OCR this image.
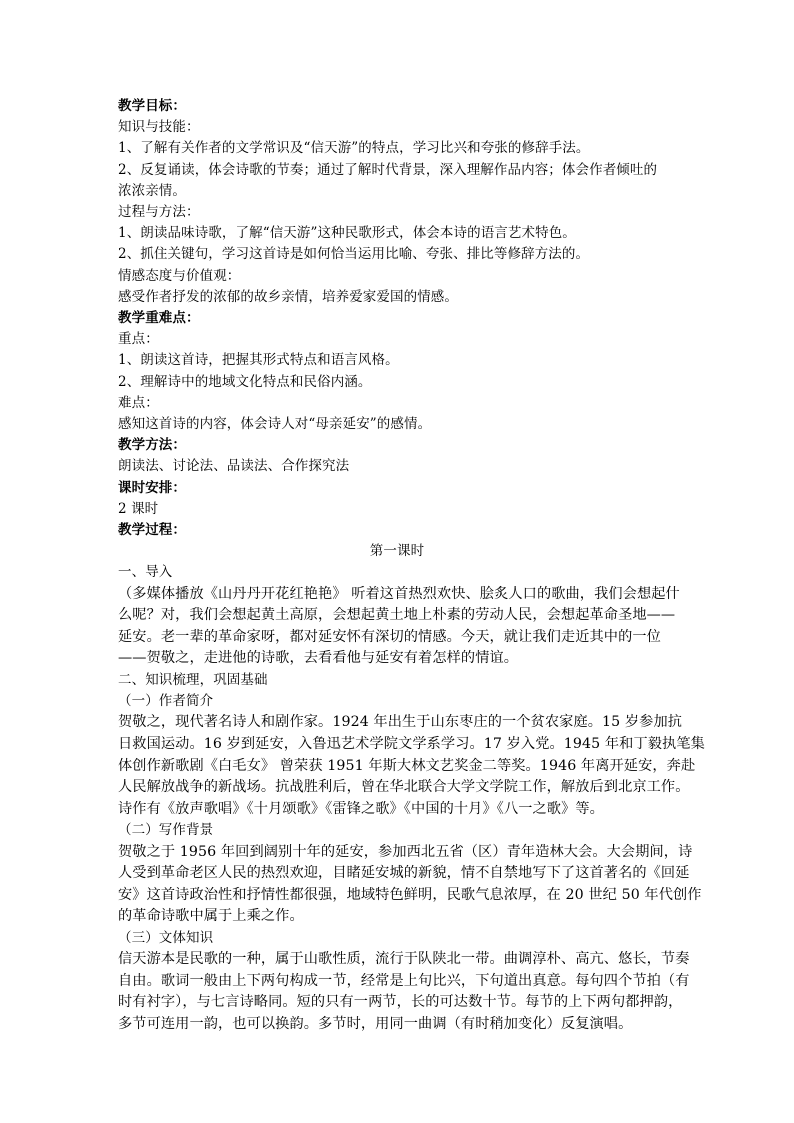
教学目标：
知识与技能：
1、了解有关作者的文学常识及“信天游”的特点，学习比兴和夸张的修辞手法。
2、反复诵读，体会诗歌的节奏；通过了解时代背景，深入理解作品内容；体会作者倾吐的
浓浓亲情。
过程与方法：
1、朗读品味诗歌，了解“信天游”这种民歌形式，体会本诗的语言艺术特色。
2、抓住关键句，学习这首诗是如何恰当运用比喻、夸张、排比等修辞方法的。
情感态度与价值观：
感受作者抒发的浓郁的故乡亲情，培养爱家爱国的情感。
教学重难点：
重点：
1、朗读这首诗，把握其形式特点和语言风格。
2、理解诗中的地域文化特点和民俗内涵。
难点：
感知这首诗的内容，体会诗人对“母亲延安”的感情。
教学方法：
朗读法、讨论法、品读法、合作探究法
课时安排：
2 课时
教学过程：
第一课时
一、导入
（多媒体播放《山丹丹开花红艳艳》 听着这首热烈欢快、脍炙人口的歌曲，我们会想起什
么呢？对，我们会想起黄土高原，会想起黄土地上朴素的劳动人民，会想起革命圣地——
延安。老一辈的革命家呀，都对延安怀有深切的情感。今天，就让我们走近其中的一位
——贺敬之，走进他的诗歌，去看看他与延安有着怎样的情谊。
二、知识梳理，巩固基础
（一）作者简介
贺敬之，现代著名诗人和剧作家。1924 年出生于山东枣庄的一个贫农家庭。15 岁参加抗
日救国运动。16 岁到延安，入鲁迅艺术学院文学系学习。17 岁入党。1945 年和丁毅执笔集
体创作新歌剧《白毛女》 曾荣获 1951 年斯大林文艺奖金二等奖。1946 年离开延安，奔赴
人民解放战争的新战场。抗战胜利后，曾在华北联合大学文学院工作，解放后到北京工作。
诗作有《放声歌唱》《十月颂歌》《雷锋之歌》《中国的十月》《八一之歌》等。
（二）写作背景
贺敬之于 1956 年回到阔别十年的延安，参加西北五省（区）青年造林大会。大会期间，诗
人受到革命老区人民的热烈欢迎，目睹延安城的新貌，情不自禁地写下了这首著名的《回延
安》这首诗政治性和抒情性都很强，地域特色鲜明，民歌气息浓厚，在 20 世纪 50 年代创作
的革命诗歌中属于上乘之作。
（三）文体知识
信天游本是民歌的一种，属于山歌性质，流行于队陕北一带。曲调淳朴、高亢、悠长，节奏
自由。歌词一般由上下两句构成一节，经常是上句比兴，下句道出真意。每句四个节拍（有
时有衬字），与七言诗略同。短的只有一两节，长的可达数十节。每节的上下两句都押韵，
多节可连用一韵，也可以换韵。多节时，用同一曲调（有时稍加变化）反复演唱。
